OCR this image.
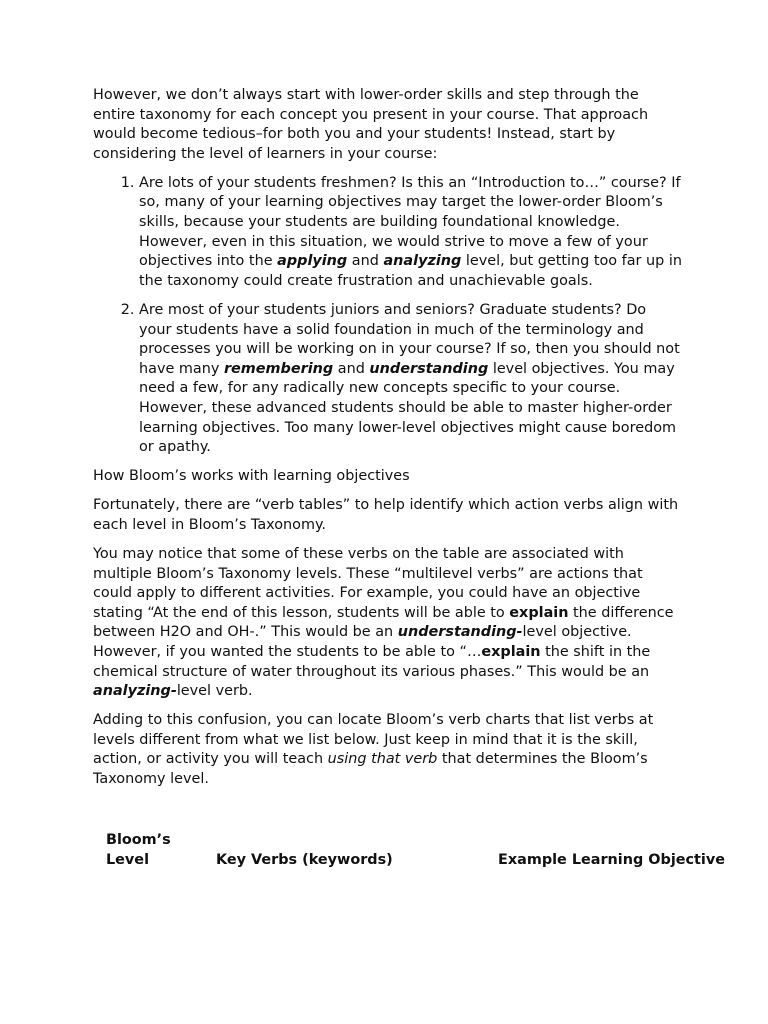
However, we don’t always start with lower-order skills and step through the entire taxonomy for each concept you present in your course. That approach would become tedious–for both you and your students! Instead, start by considering the level of learners in your course:

1. Are lots of your students freshmen? Is this an “Introduction to…” course? If so, many of your learning objectives may target the lower-order Bloom’s skills, because your students are building foundational knowledge. However, even in this situation, we would strive to move a few of your objectives into the applying and analyzing level, but getting too far up in the taxonomy could create frustration and unachievable goals.
2. Are most of your students juniors and seniors? Graduate students? Do your students have a solid foundation in much of the terminology and processes you will be working on in your course? If so, then you should not have many remembering and understanding level objectives. You may need a few, for any radically new concepts specific to your course. However, these advanced students should be able to master higher-order learning objectives. Too many lower-level objectives might cause boredom or apathy.

How Bloom’s works with learning objectives

Fortunately, there are “verb tables” to help identify which action verbs align with each level in Bloom’s Taxonomy.

You may notice that some of these verbs on the table are associated with multiple Bloom’s Taxonomy levels. These “multilevel verbs” are actions that could apply to different activities. For example, you could have an objective stating “At the end of this lesson, students will be able to explain the difference between H2O and OH-.” This would be an understanding-level objective. However, if you wanted the students to be able to “…explain the shift in the chemical structure of water throughout its various phases.” This would be an analyzing-level verb.

Adding to this confusion, you can locate Bloom’s verb charts that list verbs at levels different from what we list below. Just keep in mind that it is the skill, action, or activity you will teach using that verb that determines the Bloom’s Taxonomy level.

Bloom’s Level	Key Verbs (keywords)	Example Learning Objective
